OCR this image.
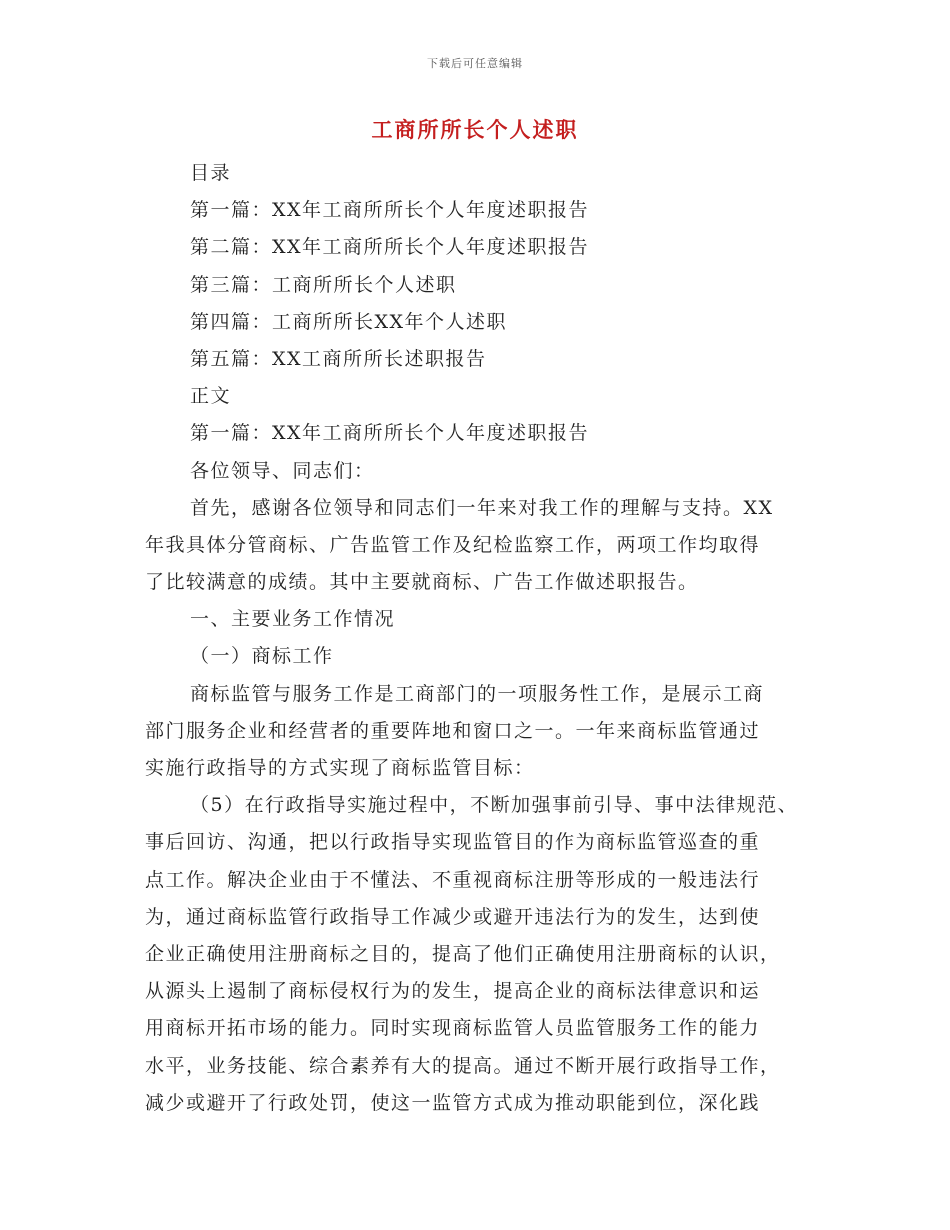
下载后可任意编辑
工商所所长个人述职
目录
第一篇：XX年工商所所长个人年度述职报告
第二篇：XX年工商所所长个人年度述职报告
第三篇：工商所所长个人述职
第四篇：工商所所长XX年个人述职
第五篇：XX工商所所长述职报告
正文
第一篇：XX年工商所所长个人年度述职报告
各位领导、同志们：
首先，感谢各位领导和同志们一年来对我工作的理解与支持。XX
年我具体分管商标、广告监管工作及纪检监察工作，两项工作均取得
了比较满意的成绩。其中主要就商标、广告工作做述职报告。
一、主要业务工作情况
（一）商标工作
商标监管与服务工作是工商部门的一项服务性工作，是展示工商
部门服务企业和经营者的重要阵地和窗口之一。一年来商标监管通过
实施行政指导的方式实现了商标监管目标：
（5）在行政指导实施过程中，不断加强事前引导、事中法律规范、
事后回访、沟通，把以行政指导实现监管目的作为商标监管巡查的重
点工作。解决企业由于不懂法、不重视商标注册等形成的一般违法行
为，通过商标监管行政指导工作减少或避开违法行为的发生，达到使
企业正确使用注册商标之目的，提高了他们正确使用注册商标的认识，
从源头上遏制了商标侵权行为的发生，提高企业的商标法律意识和运
用商标开拓市场的能力。同时实现商标监管人员监管服务工作的能力
水平，业务技能、综合素养有大的提高。通过不断开展行政指导工作，
减少或避开了行政处罚，使这一监管方式成为推动职能到位，深化践
